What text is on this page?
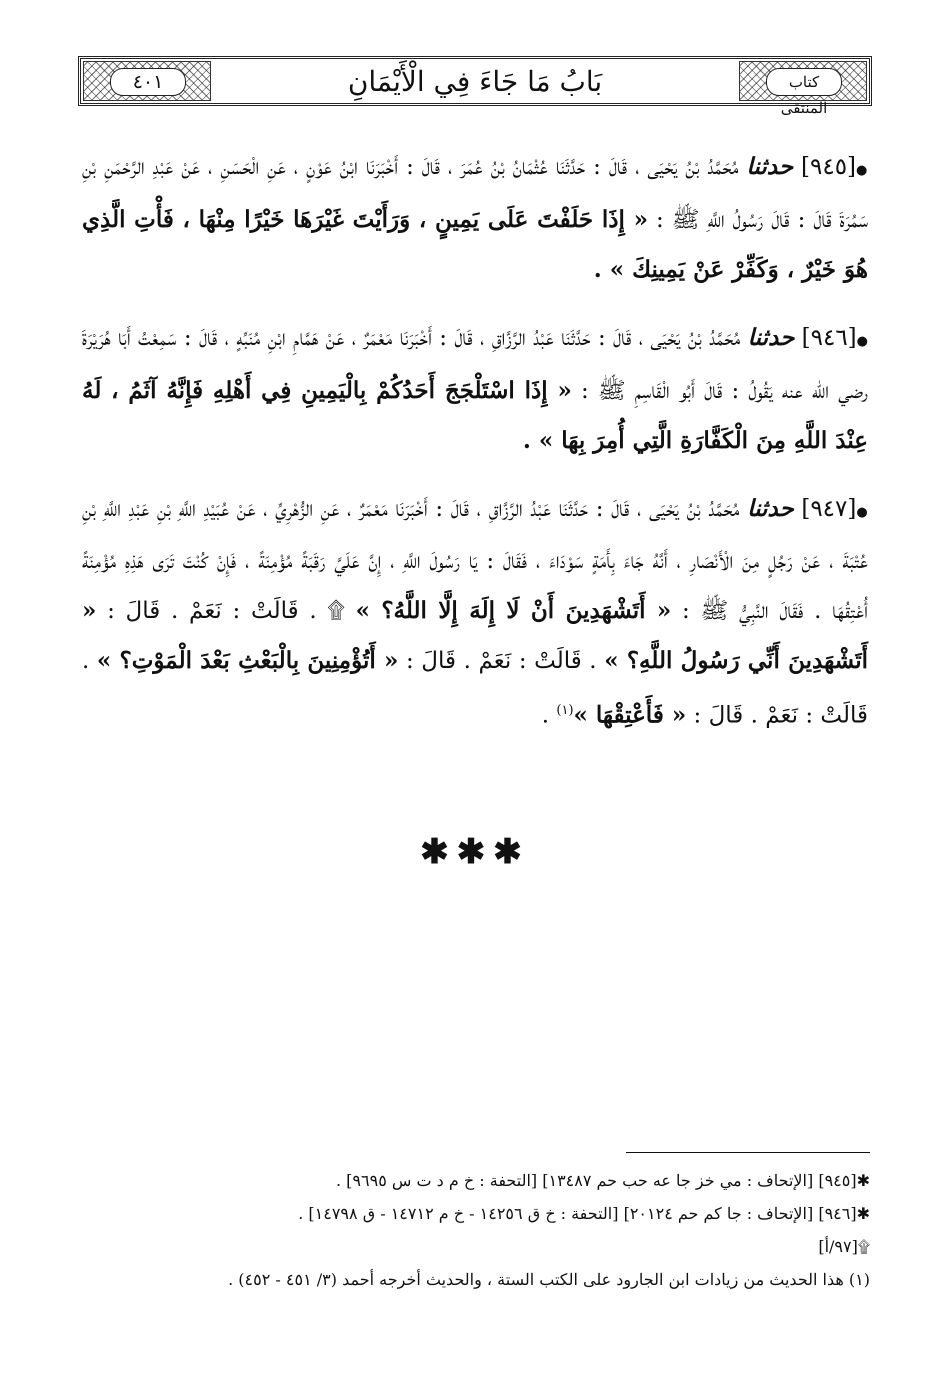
٤٠١	بَابُ مَا جَاءَ فِي الْأَيْمَانِ	كتاب المنتقى

●[٩٤٥] حدثنا مُحَمَّدُ بْنُ يَحْيَى ، قَالَ : حَدَّثَنَا عُثْمَانُ بْنُ عُمَرَ ، قَالَ : أَخْبَرَنَا ابْنُ عَوْنٍ ، عَنِ الْحَسَنِ ، عَنْ عَبْدِ الرَّحْمَنِ بْنِ سَمُرَةَ قَالَ : قَالَ رَسُولُ اللَّهِ ﷺ : « إِذَا حَلَفْتَ عَلَى يَمِينٍ ، وَرَأَيْتَ غَيْرَهَا خَيْرًا مِنْهَا ، فَأْتِ الَّذِي هُوَ خَيْرٌ ، وَكَفِّرْ عَنْ يَمِينِكَ » .

●[٩٤٦] حدثنا مُحَمَّدُ بْنُ يَحْيَى ، قَالَ : حَدَّثَنَا عَبْدُ الرَّزَّاقِ ، قَالَ : أَخْبَرَنَا مَعْمَرٌ ، عَنْ هَمَّامِ ابْنِ مُنَبِّهٍ ، قَالَ : سَمِعْتُ أَبَا هُرَيْرَةَ رضي الله عنه يَقُولُ : قَالَ أَبُو الْقَاسِمِ ﷺ : « إِذَا اسْتَلْجَجَ أَحَدُكُمْ بِالْيَمِينِ فِي أَهْلِهِ فَإِنَّهُ آثَمُ ، لَهُ عِنْدَ اللَّهِ مِنَ الْكَفَّارَةِ الَّتِي أُمِرَ بِهَا » .

●[٩٤٧] حدثنا مُحَمَّدُ بْنُ يَحْيَى ، قَالَ : حَدَّثَنَا عَبْدُ الرَّزَّاقِ ، قَالَ : أَخْبَرَنَا مَعْمَرٌ ، عَنِ الزُّهْرِيِّ ، عَنْ عُبَيْدِ اللَّهِ بْنِ عَبْدِ اللَّهِ بْنِ عُتْبَةَ ، عَنْ رَجُلٍ مِنَ الْأَنْصَارِ ، أَنَّهُ جَاءَ بِأَمَةٍ سَوْدَاءَ ، فَقَالَ : يَا رَسُولَ اللَّهِ ، إِنَّ عَلَيَّ رَقَبَةً مُؤْمِنَةً ، فَإِنْ كُنْتَ تَرَى هَذِهِ مُؤْمِنَةً أُعْتِقُهَا . فَقَالَ النَّبِيُّ ﷺ : « أَتَشْهَدِينَ أَنْ لَا إِلَهَ إِلَّا اللَّهُ؟ » ۩ . قَالَتْ : نَعَمْ . قَالَ : « أَتَشْهَدِينَ أَنِّي رَسُولُ اللَّهِ؟ » . قَالَتْ : نَعَمْ . قَالَ : « أَتُؤْمِنِينَ بِالْبَعْثِ بَعْدَ الْمَوْتِ؟ » . قَالَتْ : نَعَمْ . قَالَ : « فَأَعْتِقْهَا »$^{(١)}$ .

✱✱✱

✱[٩٤٥] [الإتحاف : مي خز جا عه حب حم ١٣٤٨٧] [التحفة : خ م د ت س ٩٦٩٥] .

✱[٩٤٦] [الإتحاف : جا كم حم ٢٠١٢٤] [التحفة : خ ق ١٤٢٥٦ - خ م ١٤٧١٢ - ق ١٤٧٩٨] .

۩[٩٧/أ]

(١) هذا الحديث من زيادات ابن الجارود على الكتب الستة ، والحديث أخرجه أحمد (٣/ ٤٥١ - ٤٥٢) .
